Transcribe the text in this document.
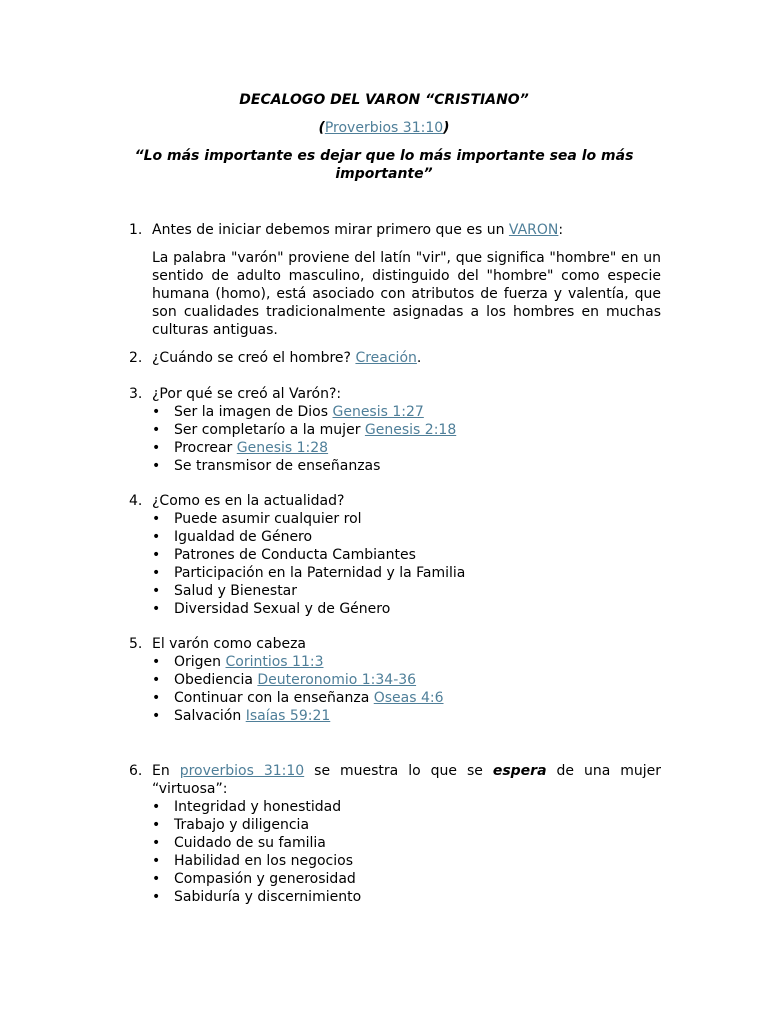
DECALOGO DEL VARON “CRISTIANO”
(Proverbios 31:10)
“Lo más importante es dejar que lo más importante sea lo más importante”
1. Antes de iniciar debemos mirar primero que es un VARON:
La palabra "varón" proviene del latín "vir", que significa "hombre" en un sentido de adulto masculino, distinguido del "hombre" como especie humana (homo), está asociado con atributos de fuerza y valentía, que son cualidades tradicionalmente asignadas a los hombres en muchas culturas antiguas.
2. ¿Cuándo se creó el hombre? Creación.
3. ¿Por qué se creó al Varón?:
• Ser la imagen de Dios Genesis 1:27
• Ser completarío a la mujer Genesis 2:18
• Procrear Genesis 1:28
• Se transmisor de enseñanzas
4. ¿Como es en la actualidad?
• Puede asumir cualquier rol
• Igualdad de Género
• Patrones de Conducta Cambiantes
• Participación en la Paternidad y la Familia
• Salud y Bienestar
• Diversidad Sexual y de Género
5. El varón como cabeza
• Origen Corintios 11:3
• Obediencia Deuteronomio 1:34-36
• Continuar con la enseñanza Oseas 4:6
• Salvación Isaías 59:21
6. En proverbios 31:10 se muestra lo que se espera de una mujer “virtuosa”:
• Integridad y honestidad
• Trabajo y diligencia
• Cuidado de su familia
• Habilidad en los negocios
• Compasión y generosidad
• Sabiduría y discernimiento
